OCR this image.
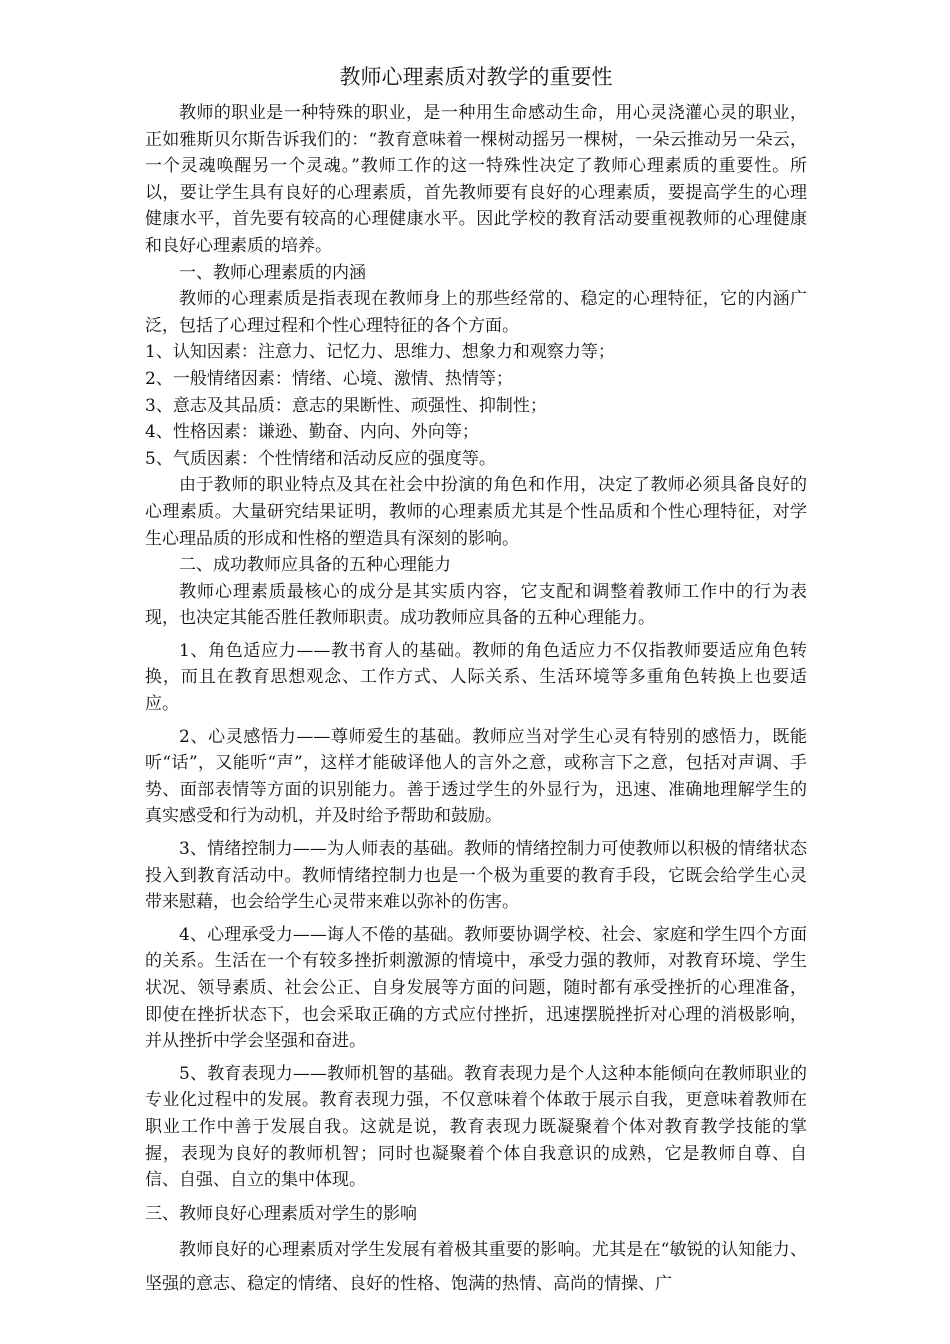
教师心理素质对教学的重要性

教师的职业是一种特殊的职业，是一种用生命感动生命，用心灵浇灌心灵的职业，正如雅斯贝尔斯告诉我们的：“教育意味着一棵树动摇另一棵树，一朵云推动另一朵云，一个灵魂唤醒另一个灵魂。”教师工作的这一特殊性决定了教师心理素质的重要性。所以，要让学生具有良好的心理素质，首先教师要有良好的心理素质，要提高学生的心理健康水平，首先要有较高的心理健康水平。因此学校的教育活动要重视教师的心理健康和良好心理素质的培养。

一、教师心理素质的内涵

教师的心理素质是指表现在教师身上的那些经常的、稳定的心理特征，它的内涵广泛，包括了心理过程和个性心理特征的各个方面。

1、认知因素：注意力、记忆力、思维力、想象力和观察力等；

2、一般情绪因素：情绪、心境、激情、热情等；

3、意志及其品质：意志的果断性、顽强性、抑制性；

4、性格因素：谦逊、勤奋、内向、外向等；

5、气质因素：个性情绪和活动反应的强度等。

由于教师的职业特点及其在社会中扮演的角色和作用，决定了教师必须具备良好的心理素质。大量研究结果证明，教师的心理素质尤其是个性品质和个性心理特征，对学生心理品质的形成和性格的塑造具有深刻的影响。

二、成功教师应具备的五种心理能力

教师心理素质最核心的成分是其实质内容，它支配和调整着教师工作中的行为表现，也决定其能否胜任教师职责。成功教师应具备的五种心理能力。

1、角色适应力——教书育人的基础。教师的角色适应力不仅指教师要适应角色转换，而且在教育思想观念、工作方式、人际关系、生活环境等多重角色转换上也要适应。

2、心灵感悟力——尊师爱生的基础。教师应当对学生心灵有特别的感悟力，既能听“话”，又能听“声”，这样才能破译他人的言外之意，或称言下之意，包括对声调、手势、面部表情等方面的识别能力。善于透过学生的外显行为，迅速、准确地理解学生的真实感受和行为动机，并及时给予帮助和鼓励。

3、情绪控制力——为人师表的基础。教师的情绪控制力可使教师以积极的情绪状态投入到教育活动中。教师情绪控制力也是一个极为重要的教育手段，它既会给学生心灵带来慰藉，也会给学生心灵带来难以弥补的伤害。

4、心理承受力——诲人不倦的基础。教师要协调学校、社会、家庭和学生四个方面的关系。生活在一个有较多挫折刺激源的情境中，承受力强的教师，对教育环境、学生状况、领导素质、社会公正、自身发展等方面的问题，随时都有承受挫折的心理准备，即使在挫折状态下，也会采取正确的方式应付挫折，迅速摆脱挫折对心理的消极影响，并从挫折中学会坚强和奋进。

5、教育表现力——教师机智的基础。教育表现力是个人这种本能倾向在教师职业的专业化过程中的发展。教育表现力强，不仅意味着个体敢于展示自我，更意味着教师在职业工作中善于发展自我。这就是说，教育表现力既凝聚着个体对教育教学技能的掌握，表现为良好的教师机智；同时也凝聚着个体自我意识的成熟，它是教师自尊、自信、自强、自立的集中体现。

三、教师良好心理素质对学生的影响

教师良好的心理素质对学生发展有着极其重要的影响。尤其是在“敏锐的认知能力、坚强的意志、稳定的情绪、良好的性格、饱满的热情、高尚的情操、广
